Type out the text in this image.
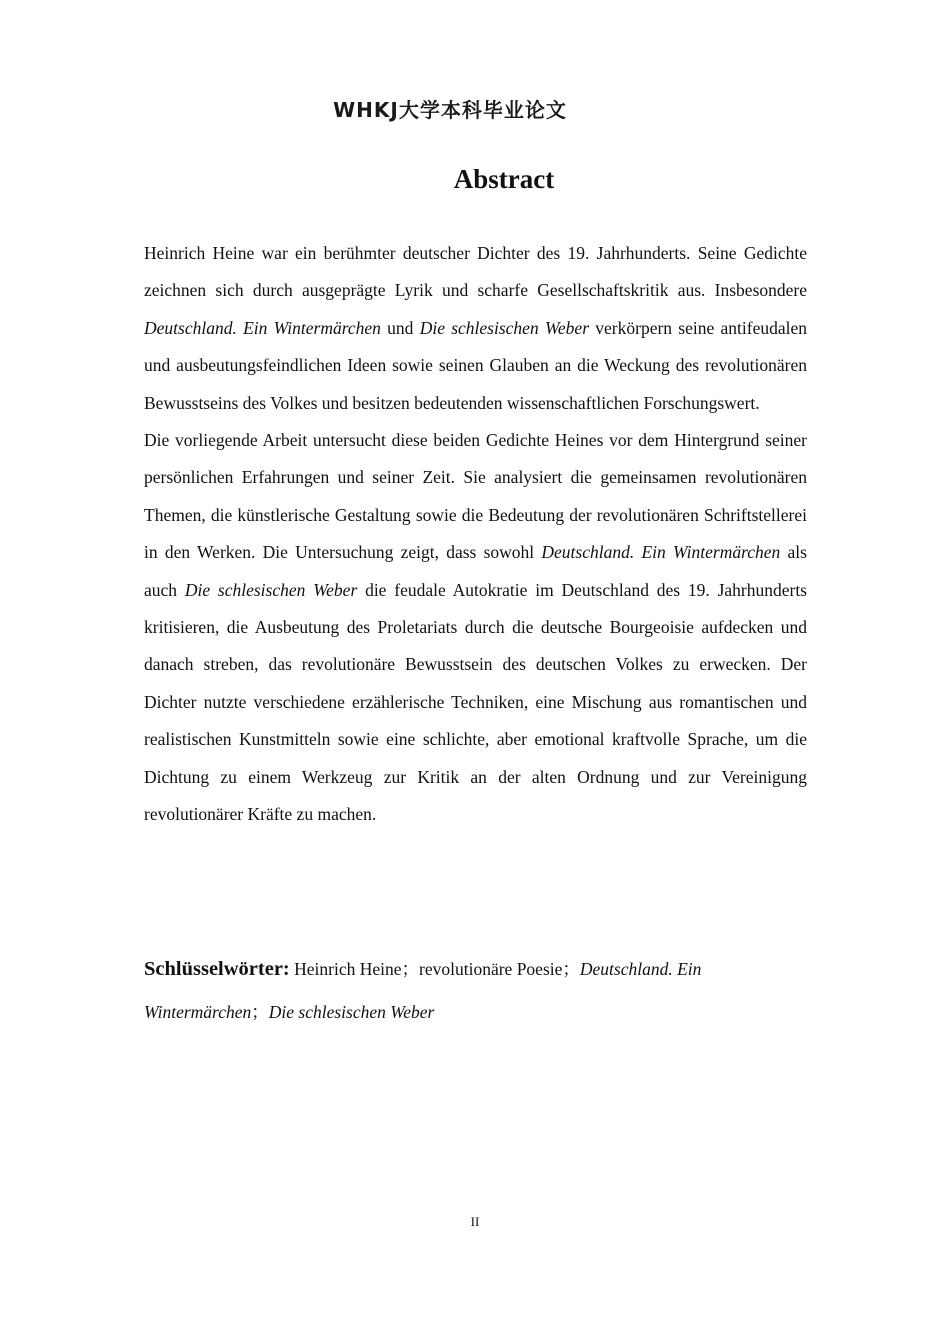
WHKJ大学本科毕业论文
Abstract

Heinrich Heine war ein berühmter deutscher Dichter des 19. Jahrhunderts. Seine Gedichte zeichnen sich durch ausgeprägte Lyrik und scharfe Gesellschaftskritik aus. Insbesondere Deutschland. Ein Wintermärchen und Die schlesischen Weber verkörpern seine antifeudalen und ausbeutungsfeindlichen Ideen sowie seinen Glauben an die Weckung des revolutionären Bewusstseins des Volkes und besitzen bedeutenden wissenschaftlichen Forschungswert.

Die vorliegende Arbeit untersucht diese beiden Gedichte Heines vor dem Hintergrund seiner persönlichen Erfahrungen und seiner Zeit. Sie analysiert die gemeinsamen revolutionären Themen, die künstlerische Gestaltung sowie die Bedeutung der revolutionären Schriftstellerei in den Werken. Die Untersuchung zeigt, dass sowohl Deutschland. Ein Wintermärchen als auch Die schlesischen Weber die feudale Autokratie im Deutschland des 19. Jahrhunderts kritisieren, die Ausbeutung des Proletariats durch die deutsche Bourgeoisie aufdecken und danach streben, das revolutionäre Bewusstsein des deutschen Volkes zu erwecken. Der Dichter nutzte verschiedene erzählerische Techniken, eine Mischung aus romantischen und realistischen Kunstmitteln sowie eine schlichte, aber emotional kraftvolle Sprache, um die Dichtung zu einem Werkzeug zur Kritik an der alten Ordnung und zur Vereinigung revolutionärer Kräfte zu machen.

Schlüsselwörter: Heinrich Heine；revolutionäre Poesie；Deutschland. Ein Wintermärchen；Die schlesischen Weber
II
